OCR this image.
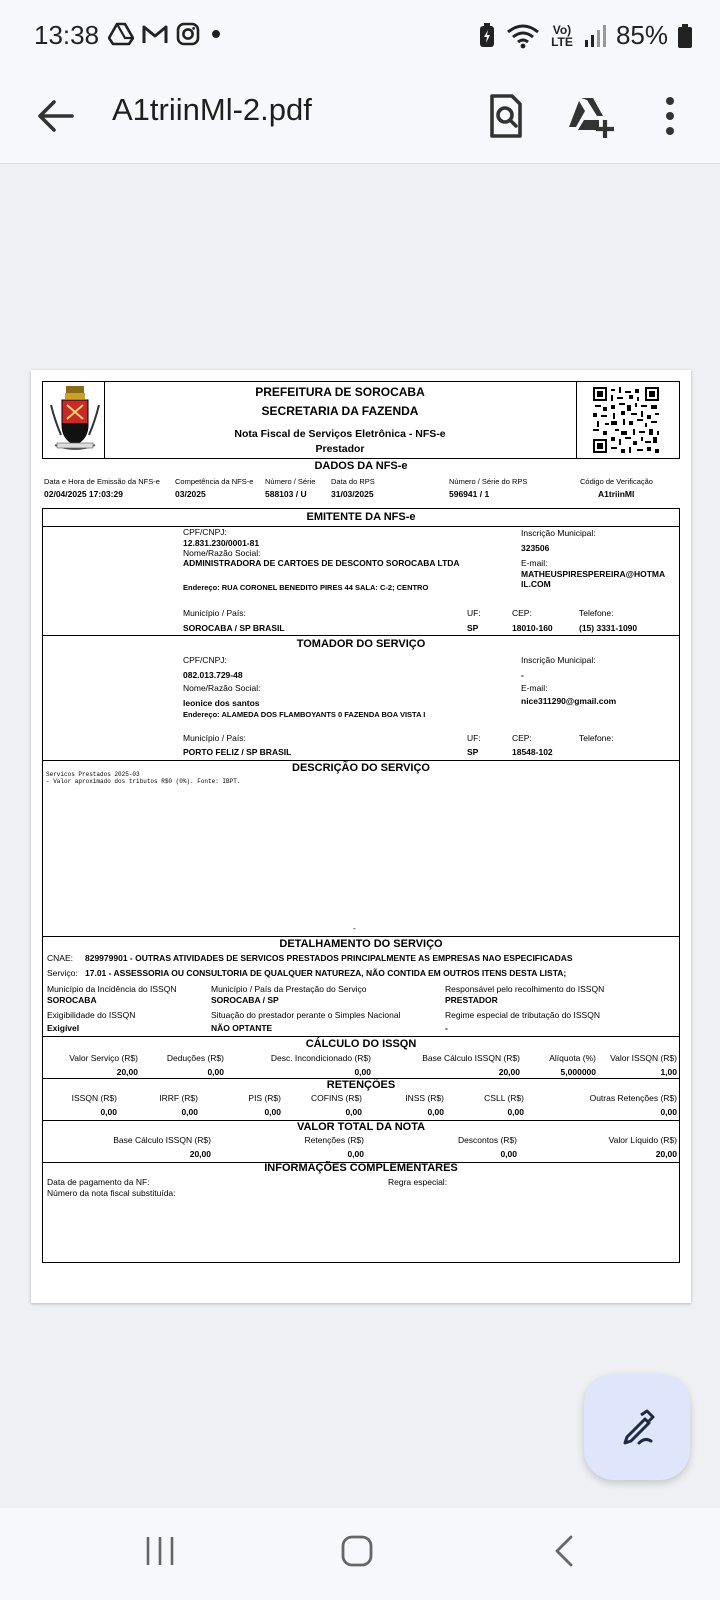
13:38	Vo) LTE 85%
A1triinMl-2.pdf
PREFEITURA DE SOROCABA
SECRETARIA DA FAZENDA
Nota Fiscal de Serviços Eletrônica - NFS-e
Prestador
DADOS DA NFS-e
Data e Hora de Emissão da NFS-e
02/04/2025 17:03:29
Competência da NFS-e
03/2025
Número / Série
588103 / U
Data do RPS
31/03/2025
Número / Série do RPS
596941 / 1
Código de Verificação
A1triinMl
EMITENTE DA NFS-e
CPF/CNPJ:
12.831.230/0001-81
Nome/Razão Social:
ADMINISTRADORA DE CARTOES DE DESCONTO SOROCABA LTDA
Endereço: RUA CORONEL BENEDITO PIRES 44 SALA: C-2; CENTRO
Inscrição Municipal:
323506
E-mail:
MATHEUSPIRESPEREIRA@HOTMA
IL.COM
Município / País:
SOROCABA / SP BRASIL
UF:
SP
CEP:
18010-160
Telefone:
(15) 3331-1090
TOMADOR DO SERVIÇO
CPF/CNPJ:
082.013.729-48
Nome/Razão Social:
leonice dos santos
Endereço: ALAMEDA DOS FLAMBOYANTS 0 FAZENDA BOA VISTA I
Inscrição Municipal:
-
E-mail:
nice311290@gmail.com
Município / País:
PORTO FELIZ / SP BRASIL
UF:
SP
CEP:
18548-102
Telefone:
DESCRIÇÃO DO SERVIÇO
Servicos Prestados 2025-03
- Valor aproximado dos tributos R$0 (0%). Fonte: IBPT.
-
DETALHAMENTO DO SERVIÇO
CNAE: 829979901 - OUTRAS ATIVIDADES DE SERVICOS PRESTADOS PRINCIPALMENTE AS EMPRESAS NAO ESPECIFICADAS
Serviço: 17.01 - ASSESSORIA OU CONSULTORIA DE QUALQUER NATUREZA, NÃO CONTIDA EM OUTROS ITENS DESTA LISTA;
Município da Incidência do ISSQN
SOROCABA
Município / País da Prestação do Serviço
SOROCABA / SP
Responsável pelo recolhimento do ISSQN
PRESTADOR
Exigibilidade do ISSQN
Exigível
Situação do prestador perante o Simples Nacional
NÃO OPTANTE
Regime especial de tributação do ISSQN
-
CÁLCULO DO ISSQN
Valor Serviço (R$)	Deduções (R$)	Desc. Incondicionado (R$)	Base Cálculo ISSQN (R$)	Alíquota (%) Valor ISSQN (R$)
20,00	0,00	0,00	20,00	5,000000	1,00
RETENÇÕES
ISSQN (R$)	IRRF (R$)	PIS (R$)	COFINS (R$)	INSS (R$)	CSLL (R$)	Outras Retenções (R$)
0,00	0,00	0,00	0,00	0,00	0,00	0,00
VALOR TOTAL DA NOTA
Base Cálculo ISSQN (R$)	Retenções (R$)	Descontos (R$)	Valor Líquido (R$)
20,00	0,00	0,00	20,00
INFORMAÇÕES COMPLEMENTARES
Data de pagamento da NF:	Regra especial:
Número da nota fiscal substituída:
